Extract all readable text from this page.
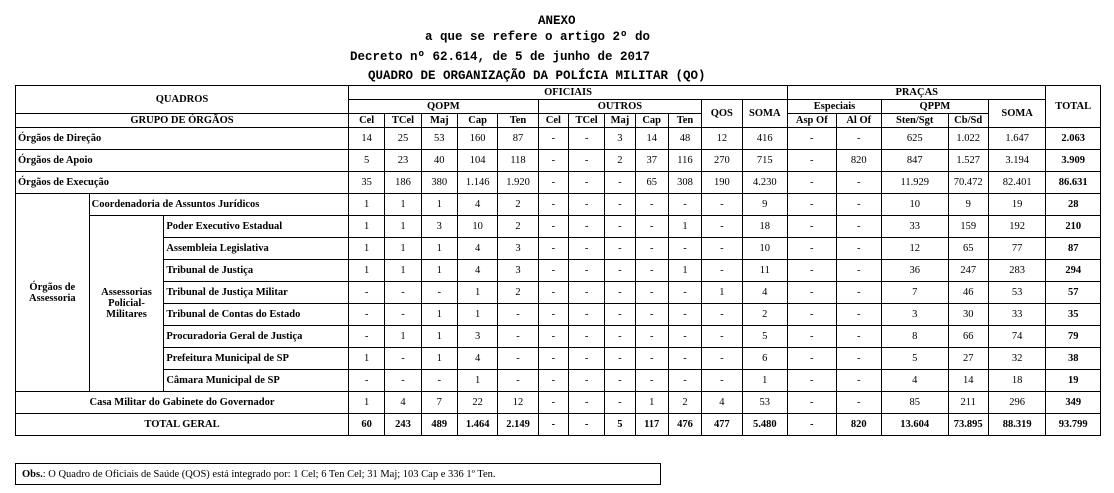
ANEXO
a que se refere o artigo 2º do
Decreto nº 62.614, de 5 de junho de 2017
QUADRO DE ORGANIZAÇÃO DA POLÍCIA MILITAR (QO)
QUADROS			OFICIAIS												PRAÇAS					TOTAL
			QOPM					OUTROS					QOS	SOMA	Especiais		QPPM		SOMA	
GRUPO DE ÓRGÃOS			Cel	TCel	Maj	Cap	Ten	Cel	TCel	Maj	Cap	Ten			Asp Of	Al Of	Sten/Sgt	Cb/Sd		
Órgãos de Direção			14	25	53	160	87	-	-	3	14	48	12	416	-	-	625	1.022	1.647	2.063
Órgãos de Apoio			5	23	40	104	118	-	-	2	37	116	270	715	-	820	847	1.527	3.194	3.909
Órgãos de Execução			35	186	380	1.146	1.920	-	-	-	65	308	190	4.230	-	-	11.929	70.472	82.401	86.631
Órgãos de Assessoria	Coordenadoria de Assuntos Jurídicos		1	1	1	4	2	-	-	-	-	-	-	9	-	-	10	9	19	28
	Assessorias Policial-Militares	Poder Executivo Estadual	1	1	3	10	2	-	-	-	-	1	-	18	-	-	33	159	192	210
		Assembleia Legislativa	1	1	1	4	3	-	-	-	-	-	-	10	-	-	12	65	77	87
		Tribunal de Justiça	1	1	1	4	3	-	-	-	-	1	-	11	-	-	36	247	283	294
		Tribunal de Justiça Militar	-	-	-	1	2	-	-	-	-	-	1	4	-	-	7	46	53	57
		Tribunal de Contas do Estado	-	-	1	1	-	-	-	-	-	-	-	2	-	-	3	30	33	35
		Procuradoria Geral de Justiça	-	1	1	3	-	-	-	-	-	-	-	5	-	-	8	66	74	79
		Prefeitura Municipal de SP	1	-	1	4	-	-	-	-	-	-	-	6	-	-	5	27	32	38
		Câmara Municipal de SP	-	-	-	1	-	-	-	-	-	-	-	1	-	-	4	14	18	19
Casa Militar do Gabinete do Governador			1	4	7	22	12	-	-	-	1	2	4	53	-	-	85	211	296	349
TOTAL GERAL			60	243	489	1.464	2.149	-	-	5	117	476	477	5.480	-	820	13.604	73.895	88.319	93.799
Obs.: O Quadro de Oficiais de Saúde (QOS) está integrado por: 1 Cel; 6 Ten Cel; 31 Maj; 103 Cap e 336 1º Ten.
